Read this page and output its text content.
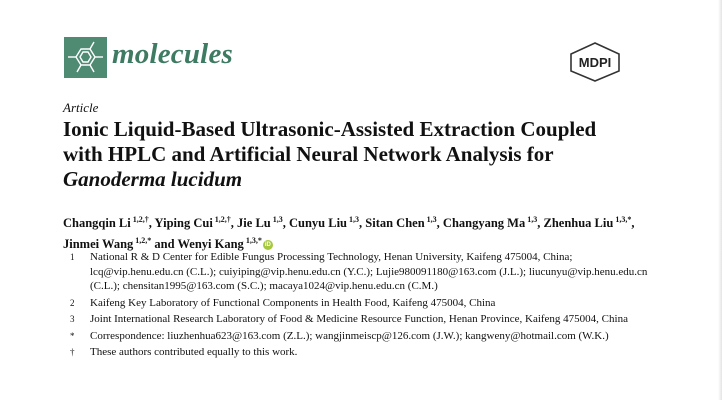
molecules	MDPI
Article
Ionic Liquid-Based Ultrasonic-Assisted Extraction Coupled with HPLC and Artificial Neural Network Analysis for Ganoderma lucidum
Changqin Li $^{1,2,\dagger}$, Yiping Cui $^{1,2,\dagger}$, Jie Lu $^{1,3}$, Cunyu Liu $^{1,3}$, Sitan Chen $^{1,3}$, Changyang Ma $^{1,3}$, Zhenhua Liu $^{1,3,*}$, Jinmei Wang $^{1,2,*}$ and Wenyi Kang $^{1,3,*}$iD
1	National R & D Center for Edible Fungus Processing Technology, Henan University, Kaifeng 475004, China; lcq@vip.henu.edu.cn (C.L.); cuiyiping@vip.henu.edu.cn (Y.C.); Lujie980091180@163.com (J.L.); liucunyu@vip.henu.edu.cn (C.L.); chensitan1995@163.com (S.C.); macaya1024@vip.henu.edu.cn (C.M.)
2	Kaifeng Key Laboratory of Functional Components in Health Food, Kaifeng 475004, China
3	Joint International Research Laboratory of Food & Medicine Resource Function, Henan Province, Kaifeng 475004, China
*	Correspondence: liuzhenhua623@163.com (Z.L.); wangjinmeiscp@126.com (J.W.); kangweny@hotmail.com (W.K.)
†	These authors contributed equally to this work.
